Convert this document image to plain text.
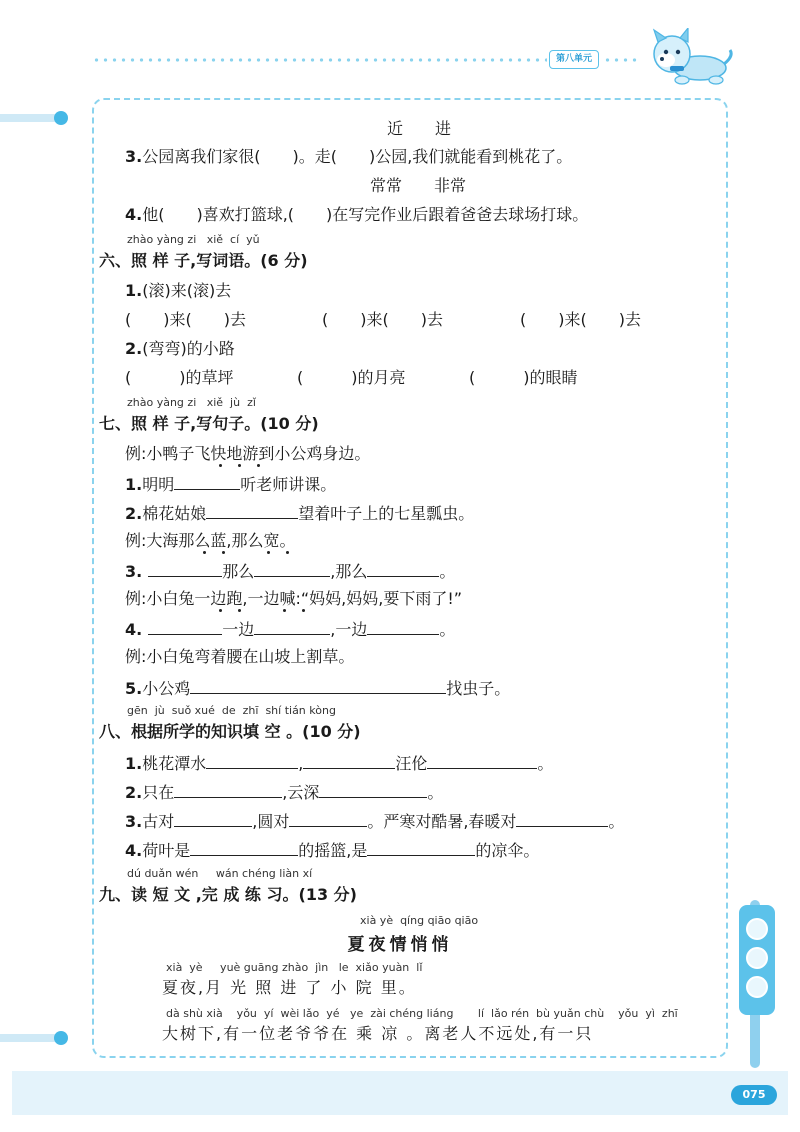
第八单元
075
近　　进
3.公园离我们家很(　　)。走(　　)公园,我们就能看到桃花了。
常常　　非常
4.他(　　)喜欢打篮球,(　　)在写完作业后跟着爸爸去球场打球。
zhào yàng zi   xiě  cí  yǔ
六、照 样 子,写词语。(6 分)
1.(滚)来(滚)去
(　　)来(　　)去	(　　)来(　　)去	(　　)来(　　)去
2.(弯弯)的小路
(　　　)的草坪	(　　　)的月亮	(　　　)的眼睛
zhào yàng zi   xiě  jù  zǐ
七、照 样 子,写句子。(10 分)
例:小鸭子飞快地游到小公鸡身边。
1.明明	听老师讲课。
2.棉花姑娘	望着叶子上的七星瓢虫。
例:大海那么蓝,那么宽。
3.	那么	,那么	。
例:小白兔一边跑,一边喊:“妈妈,妈妈,要下雨了!”
4.	一边	,一边	。
例:小白兔弯着腰在山坡上割草。
5.小公鸡	找虫子。
gēn  jù  suǒ xué  de  zhī  shí tián kòng
八、根据所学的知识填 空 。(10 分)
1.桃花潭水	,	汪伦	。
2.只在	,云深	。
3.古对	,圆对	。严寒对酷暑,春暖对	。
4.荷叶是	的摇篮,是	的凉伞。
dú duǎn wén     wán chéng liàn xí
九、读 短 文 ,完 成 练 习。(13 分)
xià yè  qíng qiāo qiāo
夏夜情悄悄
xià  yè     yuè guāng zhào  jìn   le  xiǎo yuàn  lǐ
夏夜,月 光 照 进 了 小 院 里。
dà shù xià    yǒu  yí  wèi lǎo  yé   ye  zài chéng liáng       lí  lǎo rén  bù yuǎn chù    yǒu  yì  zhī
大树下,有一位老爷爷在 乘 凉 。离老人不远处,有一只
